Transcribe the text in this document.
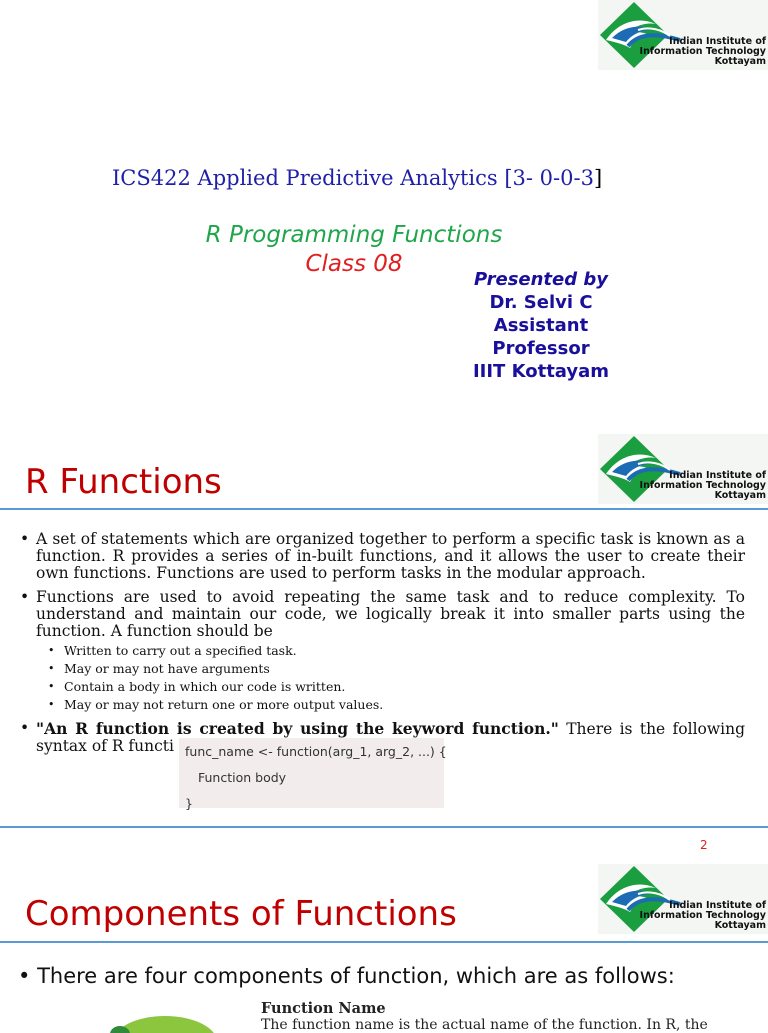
Indian Institute of
Information Technology
Kottayam
ICS422 Applied Predictive Analytics [3- 0-0-3]
R Programming Functions
Class 08
Presented by
Dr. Selvi C
Assistant
Professor
IIIT Kottayam
Indian Institute of
Information Technology
Kottayam
R Functions
• A set of statements which are organized together to perform a specific task is known as a function. R provides a series of in-built functions, and it allows the user to create their own functions. Functions are used to perform tasks in the modular approach.
• Functions are used to avoid repeating the same task and to reduce complexity. To understand and maintain our code, we logically break it into smaller parts using the function. A function should be
• Written to carry out a specified task.
• May or may not have arguments
• Contain a body in which our code is written.
• May or may not return one or more output values.
• "An R function is created by using the keyword function." There is the following syntax of R functi func_name <- function(arg_1, arg_2, ...) {
Function body
}
2
Indian Institute of
Information Technology
Kottayam
Components of Functions
• There are four components of function, which are as follows:
Function Name
The function name is the actual name of the function. In R, the
